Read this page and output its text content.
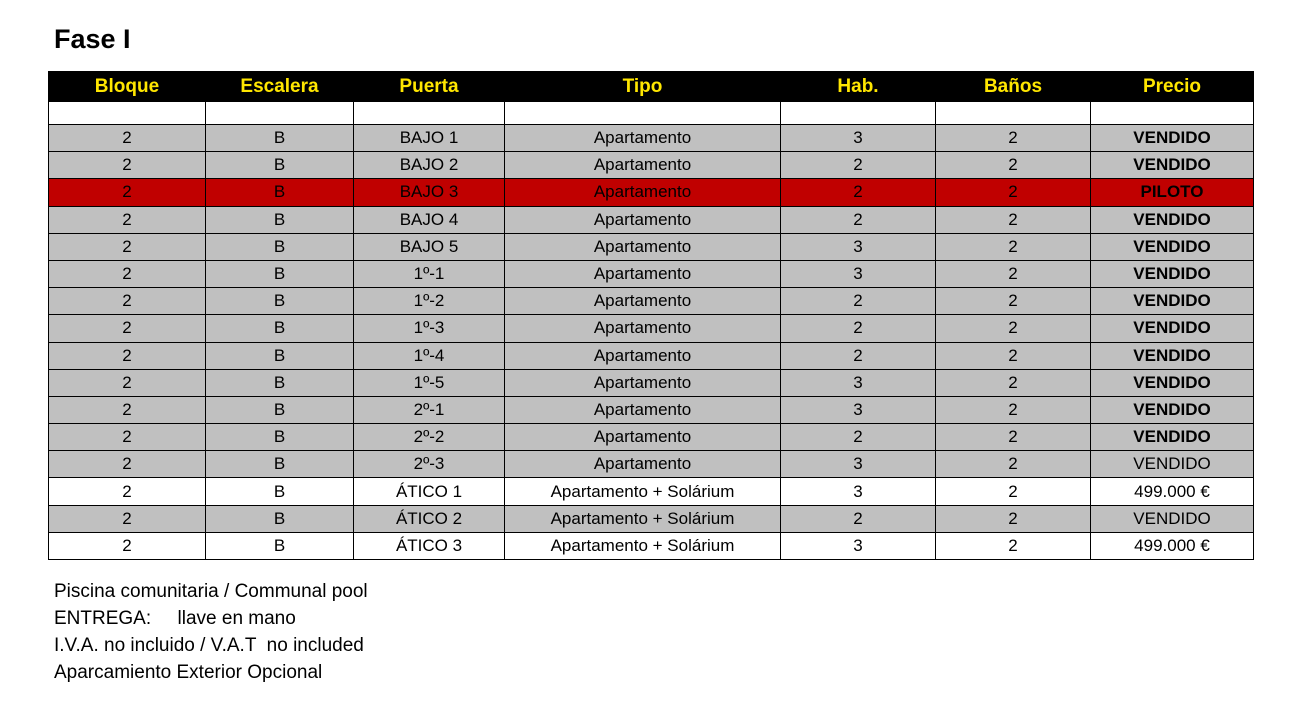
Fase I
Bloque	Escalera	Puerta	Tipo	Hab.	Baños	Precio

2	B	BAJO 1	Apartamento	3	2	VENDIDO
2	B	BAJO 2	Apartamento	2	2	VENDIDO
2	B	BAJO 3	Apartamento	2	2	PILOTO
2	B	BAJO 4	Apartamento	2	2	VENDIDO
2	B	BAJO 5	Apartamento	3	2	VENDIDO
2	B	1º-1	Apartamento	3	2	VENDIDO
2	B	1º-2	Apartamento	2	2	VENDIDO
2	B	1º-3	Apartamento	2	2	VENDIDO
2	B	1º-4	Apartamento	2	2	VENDIDO
2	B	1º-5	Apartamento	3	2	VENDIDO
2	B	2º-1	Apartamento	3	2	VENDIDO
2	B	2º-2	Apartamento	2	2	VENDIDO
2	B	2º-3	Apartamento	3	2	VENDIDO
2	B	ÁTICO 1	Apartamento + Solárium	3	2	499.000 €
2	B	ÁTICO 2	Apartamento + Solárium	2	2	VENDIDO
2	B	ÁTICO 3	Apartamento + Solárium	3	2	499.000 €
Piscina comunitaria / Communal pool
ENTREGA:     llave en mano
I.V.A. no incluido / V.A.T  no included
Aparcamiento Exterior Opcional
